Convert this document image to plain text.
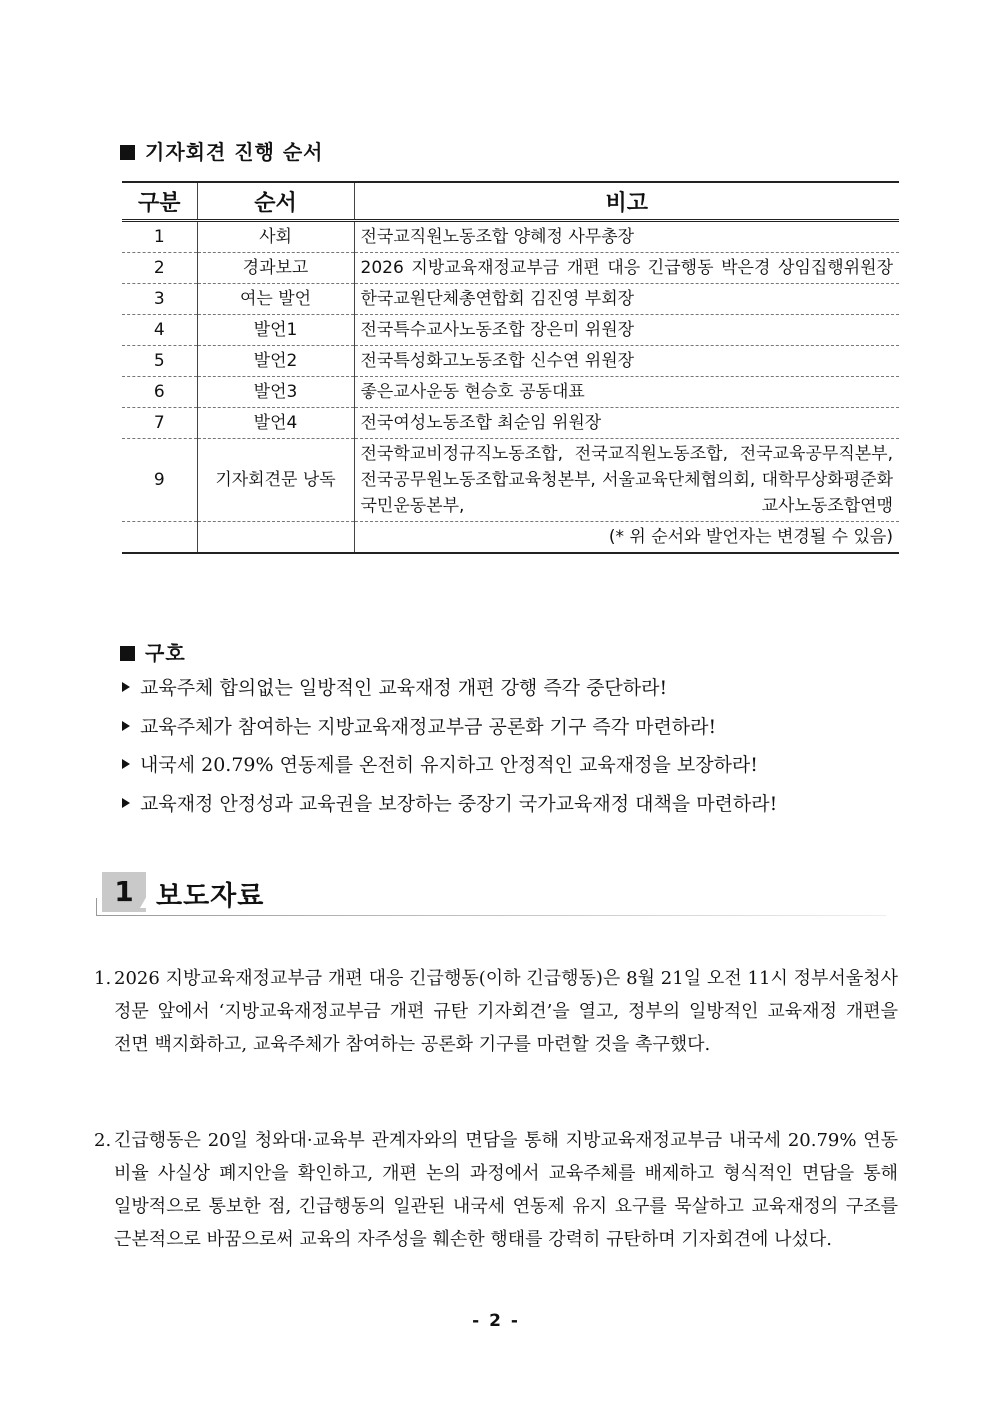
기자회견 진행 순서
구분	순서	비고
1	사회	전국교직원노동조합 양혜정 사무총장
2	경과보고	2026 지방교육재정교부금 개편 대응 긴급행동 박은경 상임집행위원장
3	여는 발언	한국교원단체총연합회 김진영 부회장
4	발언1	전국특수교사노동조합 장은미 위원장
5	발언2	전국특성화고노동조합 신수연 위원장
6	발언3	좋은교사운동 현승호 공동대표
7	발언4	전국여성노동조합 최순임 위원장
9	기자회견문 낭독	전국학교비정규직노동조합, 전국교직원노동조합, 전국교육공무직본부, 전국공무원노동조합교육청본부, 서울교육단체협의회, 대학무상화평준화국민운동본부, 교사노동조합연맹
		(* 위 순서와 발언자는 변경될 수 있음)
구호
교육주체 합의없는 일방적인 교육재정 개편 강행 즉각 중단하라!
교육주체가 참여하는 지방교육재정교부금 공론화 기구 즉각 마련하라!
내국세 20.79% 연동제를 온전히 유지하고 안정적인 교육재정을 보장하라!
교육재정 안정성과 교육권을 보장하는 중장기 국가교육재정 대책을 마련하라!
1 보도자료
1. 2026 지방교육재정교부금 개편 대응 긴급행동(이하 긴급행동)은 8월 21일 오전 11시 정부서울청사 정문 앞에서 ‘지방교육재정교부금 개편 규탄 기자회견’을 열고, 정부의 일방적인 교육재정 개편을 전면 백지화하고, 교육주체가 참여하는 공론화 기구를 마련할 것을 촉구했다.
2. 긴급행동은 20일 청와대·교육부 관계자와의 면담을 통해 지방교육재정교부금 내국세 20.79% 연동 비율 사실상 폐지안을 확인하고, 개편 논의 과정에서 교육주체를 배제하고 형식적인 면담을 통해 일방적으로 통보한 점, 긴급행동의 일관된 내국세 연동제 유지 요구를 묵살하고 교육재정의 구조를 근본적으로 바꿈으로써 교육의 자주성을 훼손한 행태를 강력히 규탄하며 기자회견에 나섰다.
- 2 -
